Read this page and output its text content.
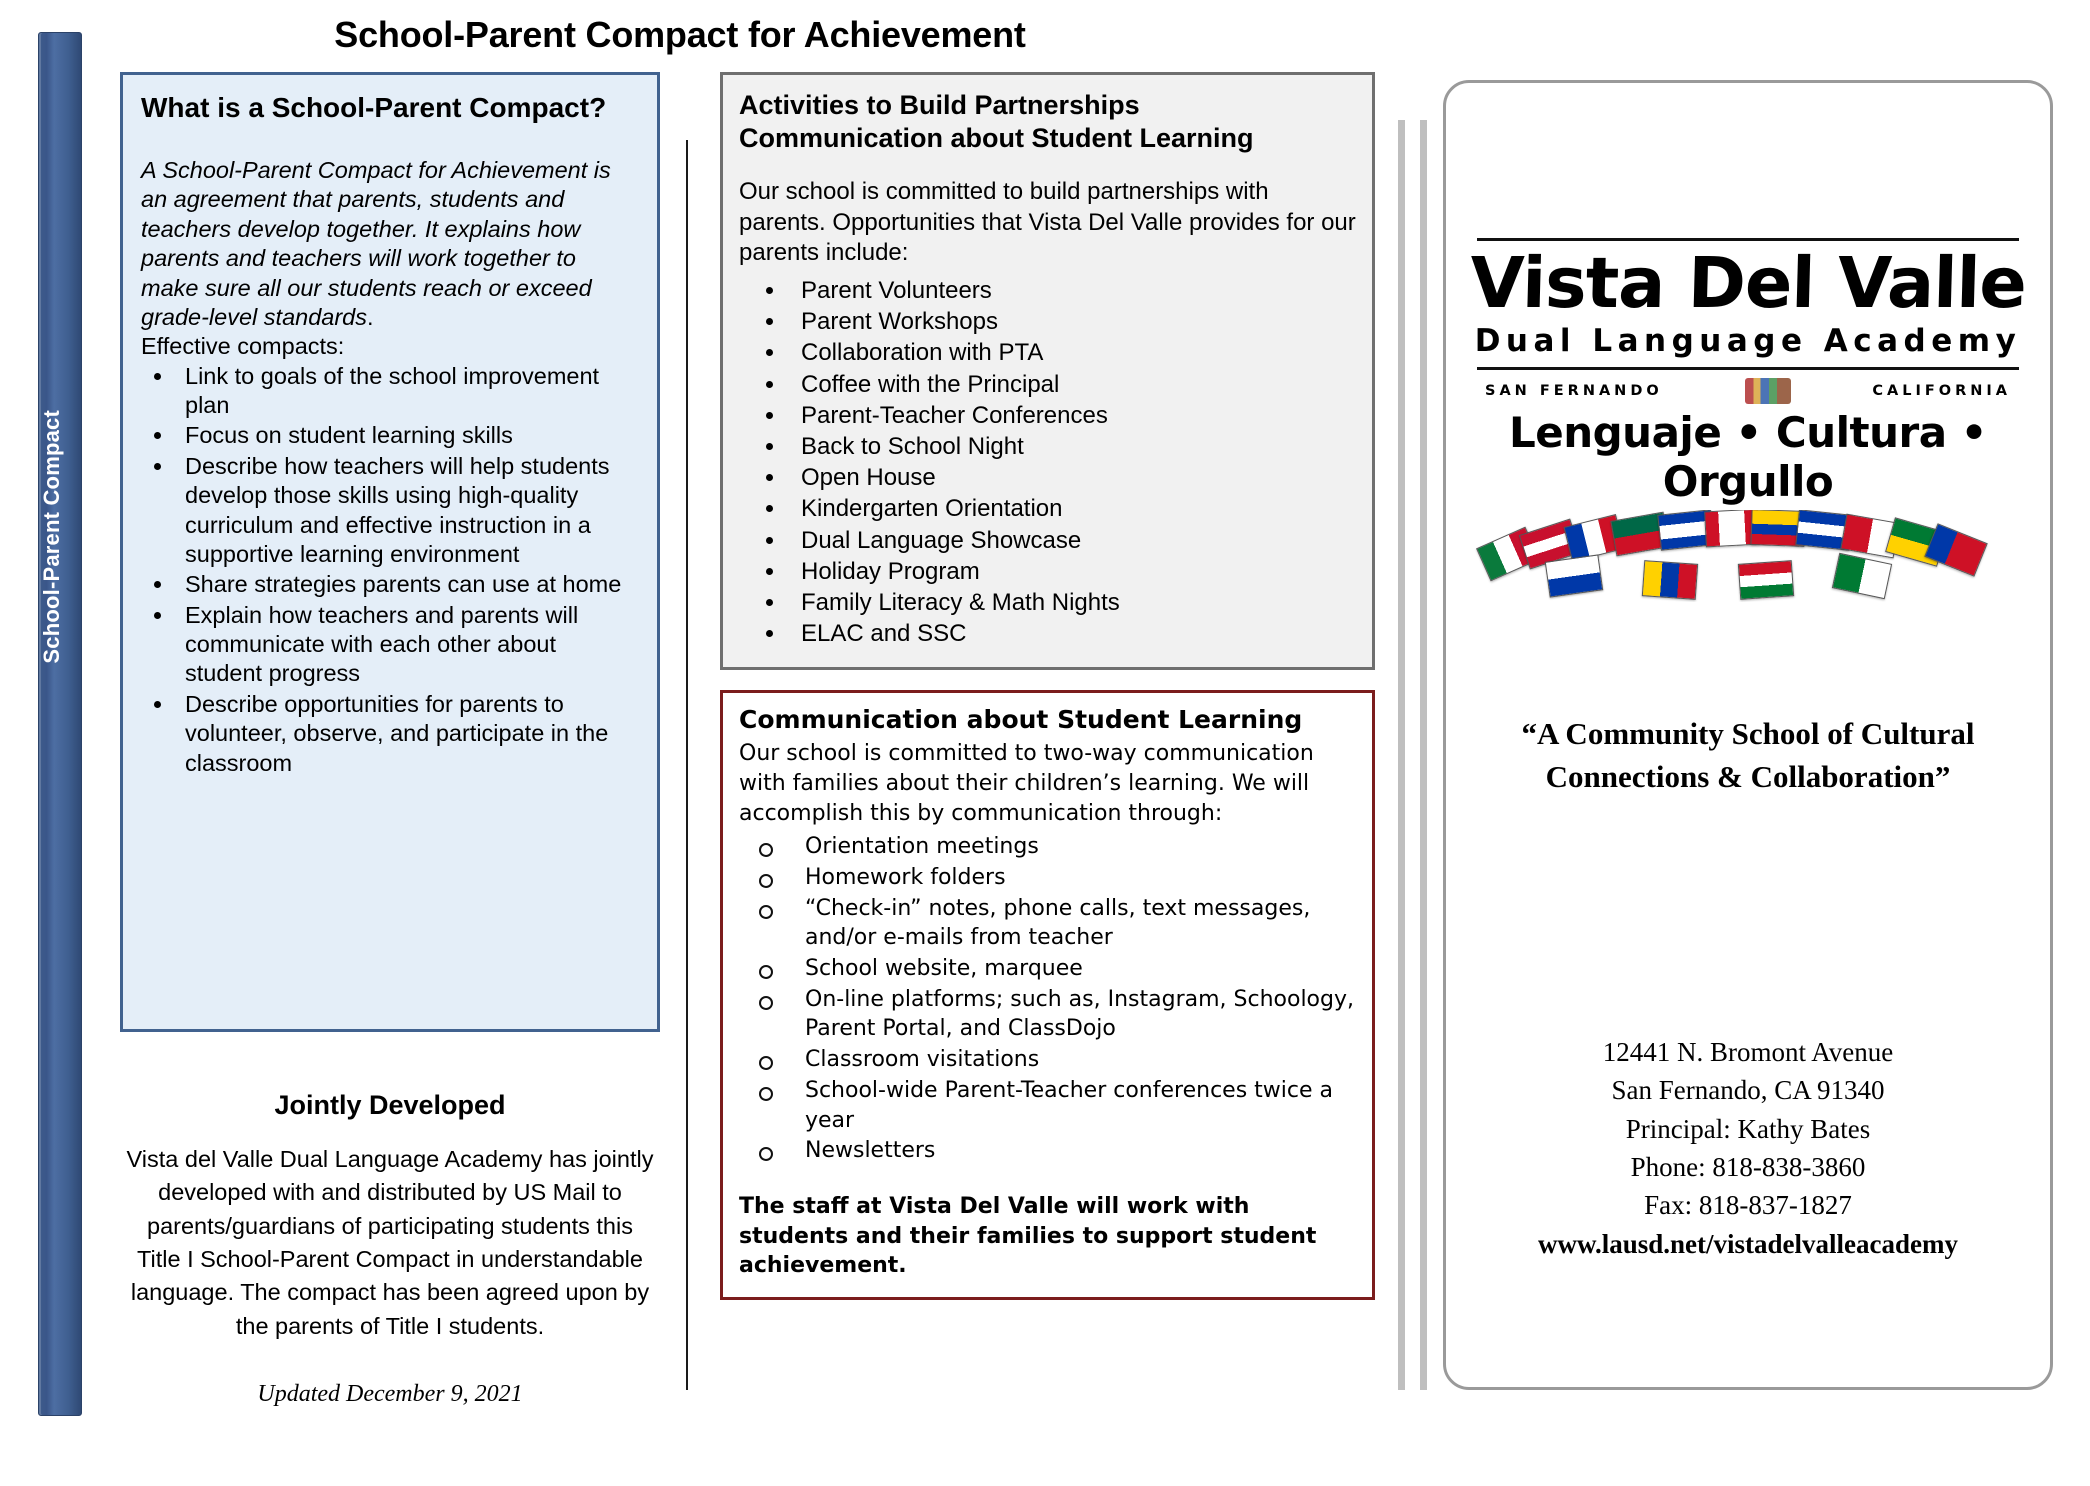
School-Parent Compact
School-Parent Compact for Achievement
What is a School-Parent Compact?

A School-Parent Compact for Achievement is an agreement that parents, students and teachers develop together. It explains how parents and teachers will work together to make sure all our students reach or exceed grade-level standards.

Effective compacts:

• Link to goals of the school improvement plan
• Focus on student learning skills
• Describe how teachers will help students develop those skills using high-quality curriculum and effective instruction in a supportive learning environment
• Share strategies parents can use at home
• Explain how teachers and parents will communicate with each other about student progress
• Describe opportunities for parents to volunteer, observe, and participate in the classroom
Jointly Developed
Vista del Valle Dual Language Academy has jointly developed with and distributed by US Mail to parents/guardians of participating students this Title I School-Parent Compact in understandable language. The compact has been agreed upon by the parents of Title I students.
Updated December 9, 2021
Activities to Build Partnerships
Communication about Student Learning

Our school is committed to build partnerships with parents. Opportunities that Vista Del Valle provides for our parents include:

• Parent Volunteers
• Parent Workshops
• Collaboration with PTA
• Coffee with the Principal
• Parent-Teacher Conferences
• Back to School Night
• Open House
• Kindergarten Orientation
• Dual Language Showcase
• Holiday Program
• Family Literacy & Math Nights
• ELAC and SSC
Communication about Student Learning

Our school is committed to two-way communication with families about their children’s learning. We will accomplish this by communication through:

Orientation meetings
Homework folders
“Check-in” notes, phone calls, text messages, and/or e-mails from teacher
School website, marquee
On-line platforms; such as, Instagram, Schoology, Parent Portal, and ClassDojo
Classroom visitations
School-wide Parent-Teacher conferences twice a year
Newsletters

The staff at Vista Del Valle will work with students and their families to support student achievement.

Vista Del Valle
Dual Language Academy
SAN FERNANDO	CALIFORNIA
Lenguaje • Cultura • Orgullo
“A Community School of Cultural Connections & Collaboration”
12441 N. Bromont Avenue
San Fernando, CA 91340
Principal: Kathy Bates
Phone: 818-838-3860
Fax: 818-837-1827
www.lausd.net/vistadelvalleacademy
